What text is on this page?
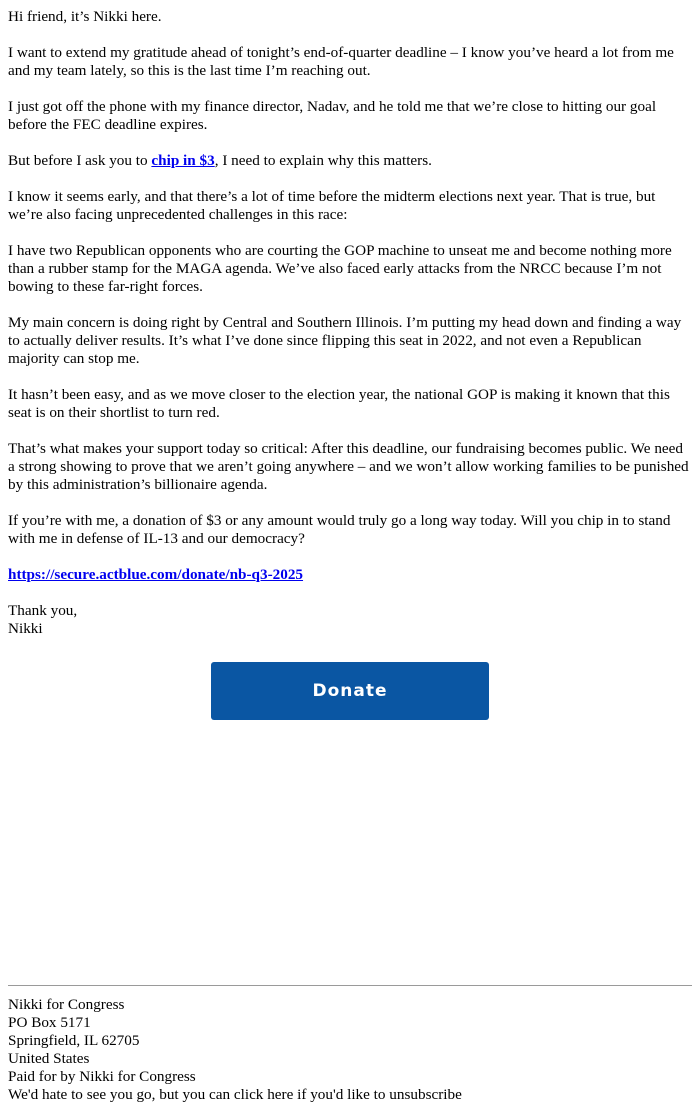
Hi friend, it’s Nikki here.

I want to extend my gratitude ahead of tonight’s end-of-quarter deadline – I know you’ve heard a lot from me and my team lately, so this is the last time I’m reaching out.

I just got off the phone with my finance director, Nadav, and he told me that we’re close to hitting our goal before the FEC deadline expires.

But before I ask you to chip in $3, I need to explain why this matters.

I know it seems early, and that there’s a lot of time before the midterm elections next year. That is true, but we’re also facing unprecedented challenges in this race:

I have two Republican opponents who are courting the GOP machine to unseat me and become nothing more than a rubber stamp for the MAGA agenda. We’ve also faced early attacks from the NRCC because I’m not bowing to these far-right forces.

My main concern is doing right by Central and Southern Illinois. I’m putting my head down and finding a way to actually deliver results. It’s what I’ve done since flipping this seat in 2022, and not even a Republican majority can stop me.

It hasn’t been easy, and as we move closer to the election year, the national GOP is making it known that this seat is on their shortlist to turn red.

That’s what makes your support today so critical: After this deadline, our fundraising becomes public. We need a strong showing to prove that we aren’t going anywhere – and we won’t allow working families to be punished by this administration’s billionaire agenda.

If you’re with me, a donation of $3 or any amount would truly go a long way today. Will you chip in to stand with me in defense of IL-13 and our democracy?

https://secure.actblue.com/donate/nb-q3-2025

Thank you,
Nikki

Donate
Nikki for Congress
PO Box 5171
Springfield, IL 62705
United States
Paid for by Nikki for Congress
We'd hate to see you go, but you can click here if you'd like to unsubscribe
